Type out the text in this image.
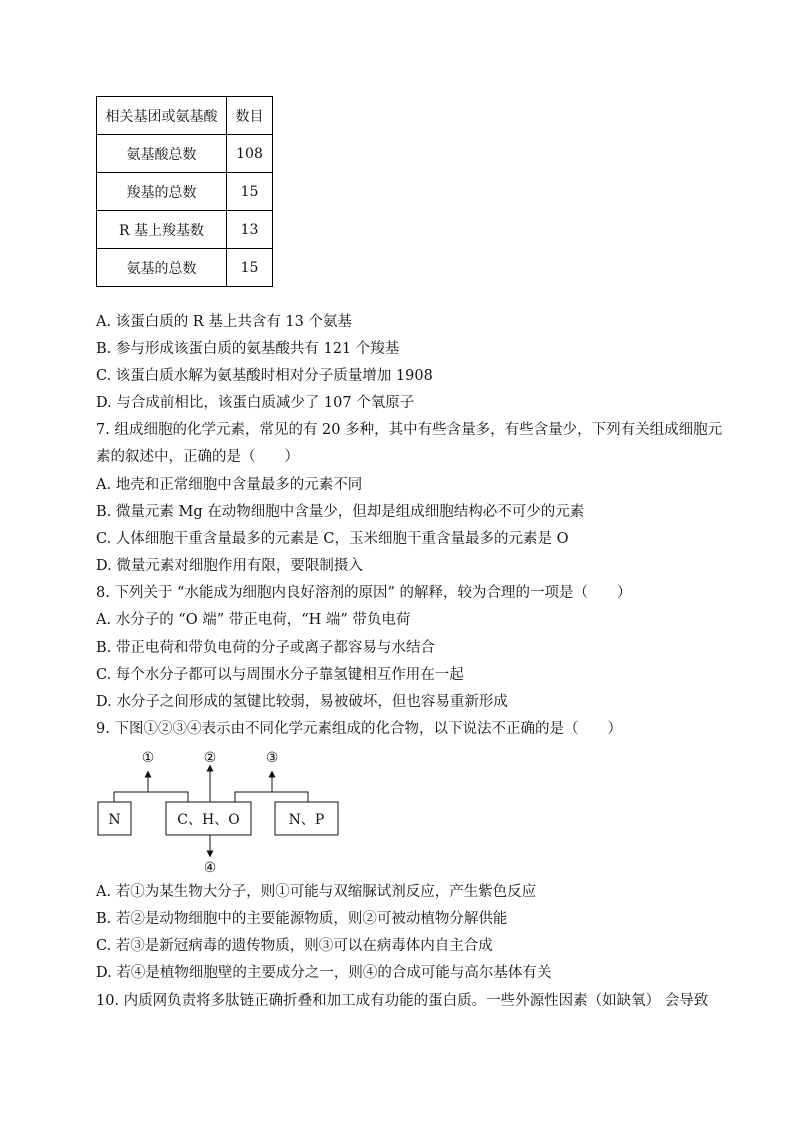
相关基团或氨基酸	数目
氨基酸总数	108
羧基的总数	15
R 基上羧基数	13
氨基的总数	15
A. 该蛋白质的 R 基上共含有 13 个氨基
B. 参与形成该蛋白质的氨基酸共有 121 个羧基
C. 该蛋白质水解为氨基酸时相对分子质量增加 1908
D. 与合成前相比，该蛋白质减少了 107 个氧原子
7. 组成细胞的化学元素，常见的有 20 多种，其中有些含量多，有些含量少，下列有关组成细胞元
素的叙述中，正确的是（　　）
A. 地壳和正常细胞中含量最多的元素不同
B. 微量元素 Mg 在动物细胞中含量少，但却是组成细胞结构必不可少的元素
C. 人体细胞干重含量最多的元素是 C，玉米细胞干重含量最多的元素是 O
D. 微量元素对细胞作用有限，要限制摄入
8. 下列关于 “水能成为细胞内良好溶剂的原因” 的解释，较为合理的一项是（　　）
A. 水分子的 “O 端” 带正电荷，“H 端” 带负电荷
B. 带正电荷和带负电荷的分子或离子都容易与水结合
C. 每个水分子都可以与周围水分子靠氢键相互作用在一起
D. 水分子之间形成的氢键比较弱，易被破坏，但也容易重新形成
9. 下图①②③④表示由不同化学元素组成的化合物，以下说法不正确的是（　　）
N	C、H、O	N、P
①	②	③
④
A. 若①为某生物大分子，则①可能与双缩脲试剂反应，产生紫色反应
B. 若②是动物细胞中的主要能源物质，则②可被动植物分解供能
C. 若③是新冠病毒的遗传物质，则③可以在病毒体内自主合成
D. 若④是植物细胞壁的主要成分之一，则④的合成可能与高尔基体有关
10. 内质网负责将多肽链正确折叠和加工成有功能的蛋白质。一些外源性因素（如缺氧） 会导致
